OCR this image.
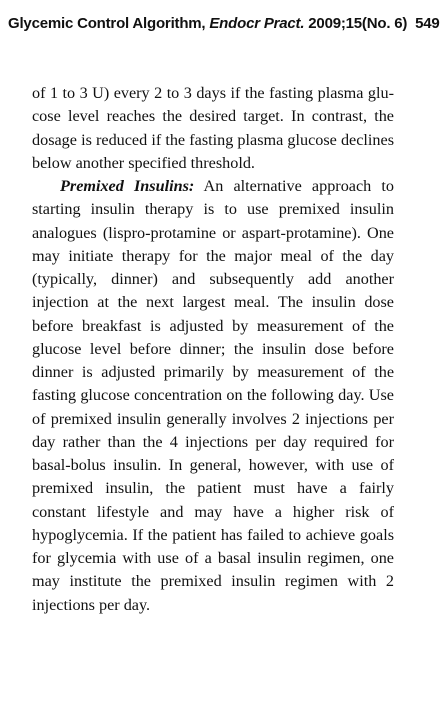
Glycemic Control Algorithm, Endocr Pract. 2009;15(No. 6) 549

of 1 to 3 U) every 2 to 3 days if the fasting plasma glucose level reaches the desired target. In contrast, the dosage is reduced if the fasting plasma glucose declines below another specified threshold.

Premixed Insulins: An alternative approach to starting insulin therapy is to use premixed insulin analogues (lispro-protamine or aspart-protamine). One may initiate therapy for the major meal of the day (typically, dinner) and subsequently add another injection at the next largest meal. The insulin dose before breakfast is adjusted by measurement of the glucose level before dinner; the insulin dose before dinner is adjusted primarily by measurement of the fasting glucose concentration on the following day. Use of premixed insulin generally involves 2 injections per day rather than the 4 injections per day required for basal-bolus insulin. In general, however, with use of premixed insulin, the patient must have a fairly constant lifestyle and may have a higher risk of hypoglycemia. If the patient has failed to achieve goals for glycemia with use of a basal insulin regimen, one may institute the premixed insulin regimen with 2 injections per day.
